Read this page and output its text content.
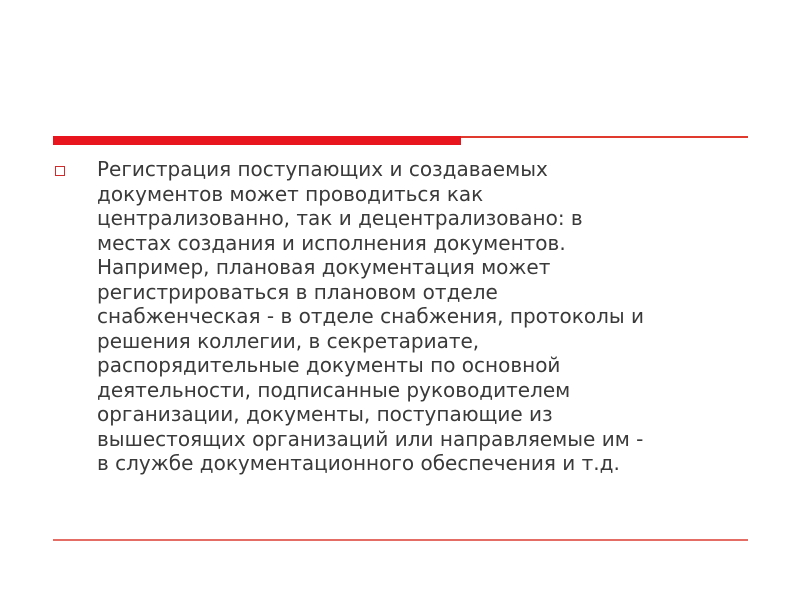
Регистрация поступающих и создаваемых
документов может проводиться как
централизованно, так и децентрализовано: в
местах создания и исполнения документов.
Например, плановая документация может
регистрироваться в плановом отделе
снабженческая - в отделе снабжения, протоколы и
решения коллегии, в секретариате,
распорядительные документы по основной
деятельности, подписанные руководителем
организации, документы, поступающие из
вышестоящих организаций или направляемые им -
в службе документационного обеспечения и т.д.
